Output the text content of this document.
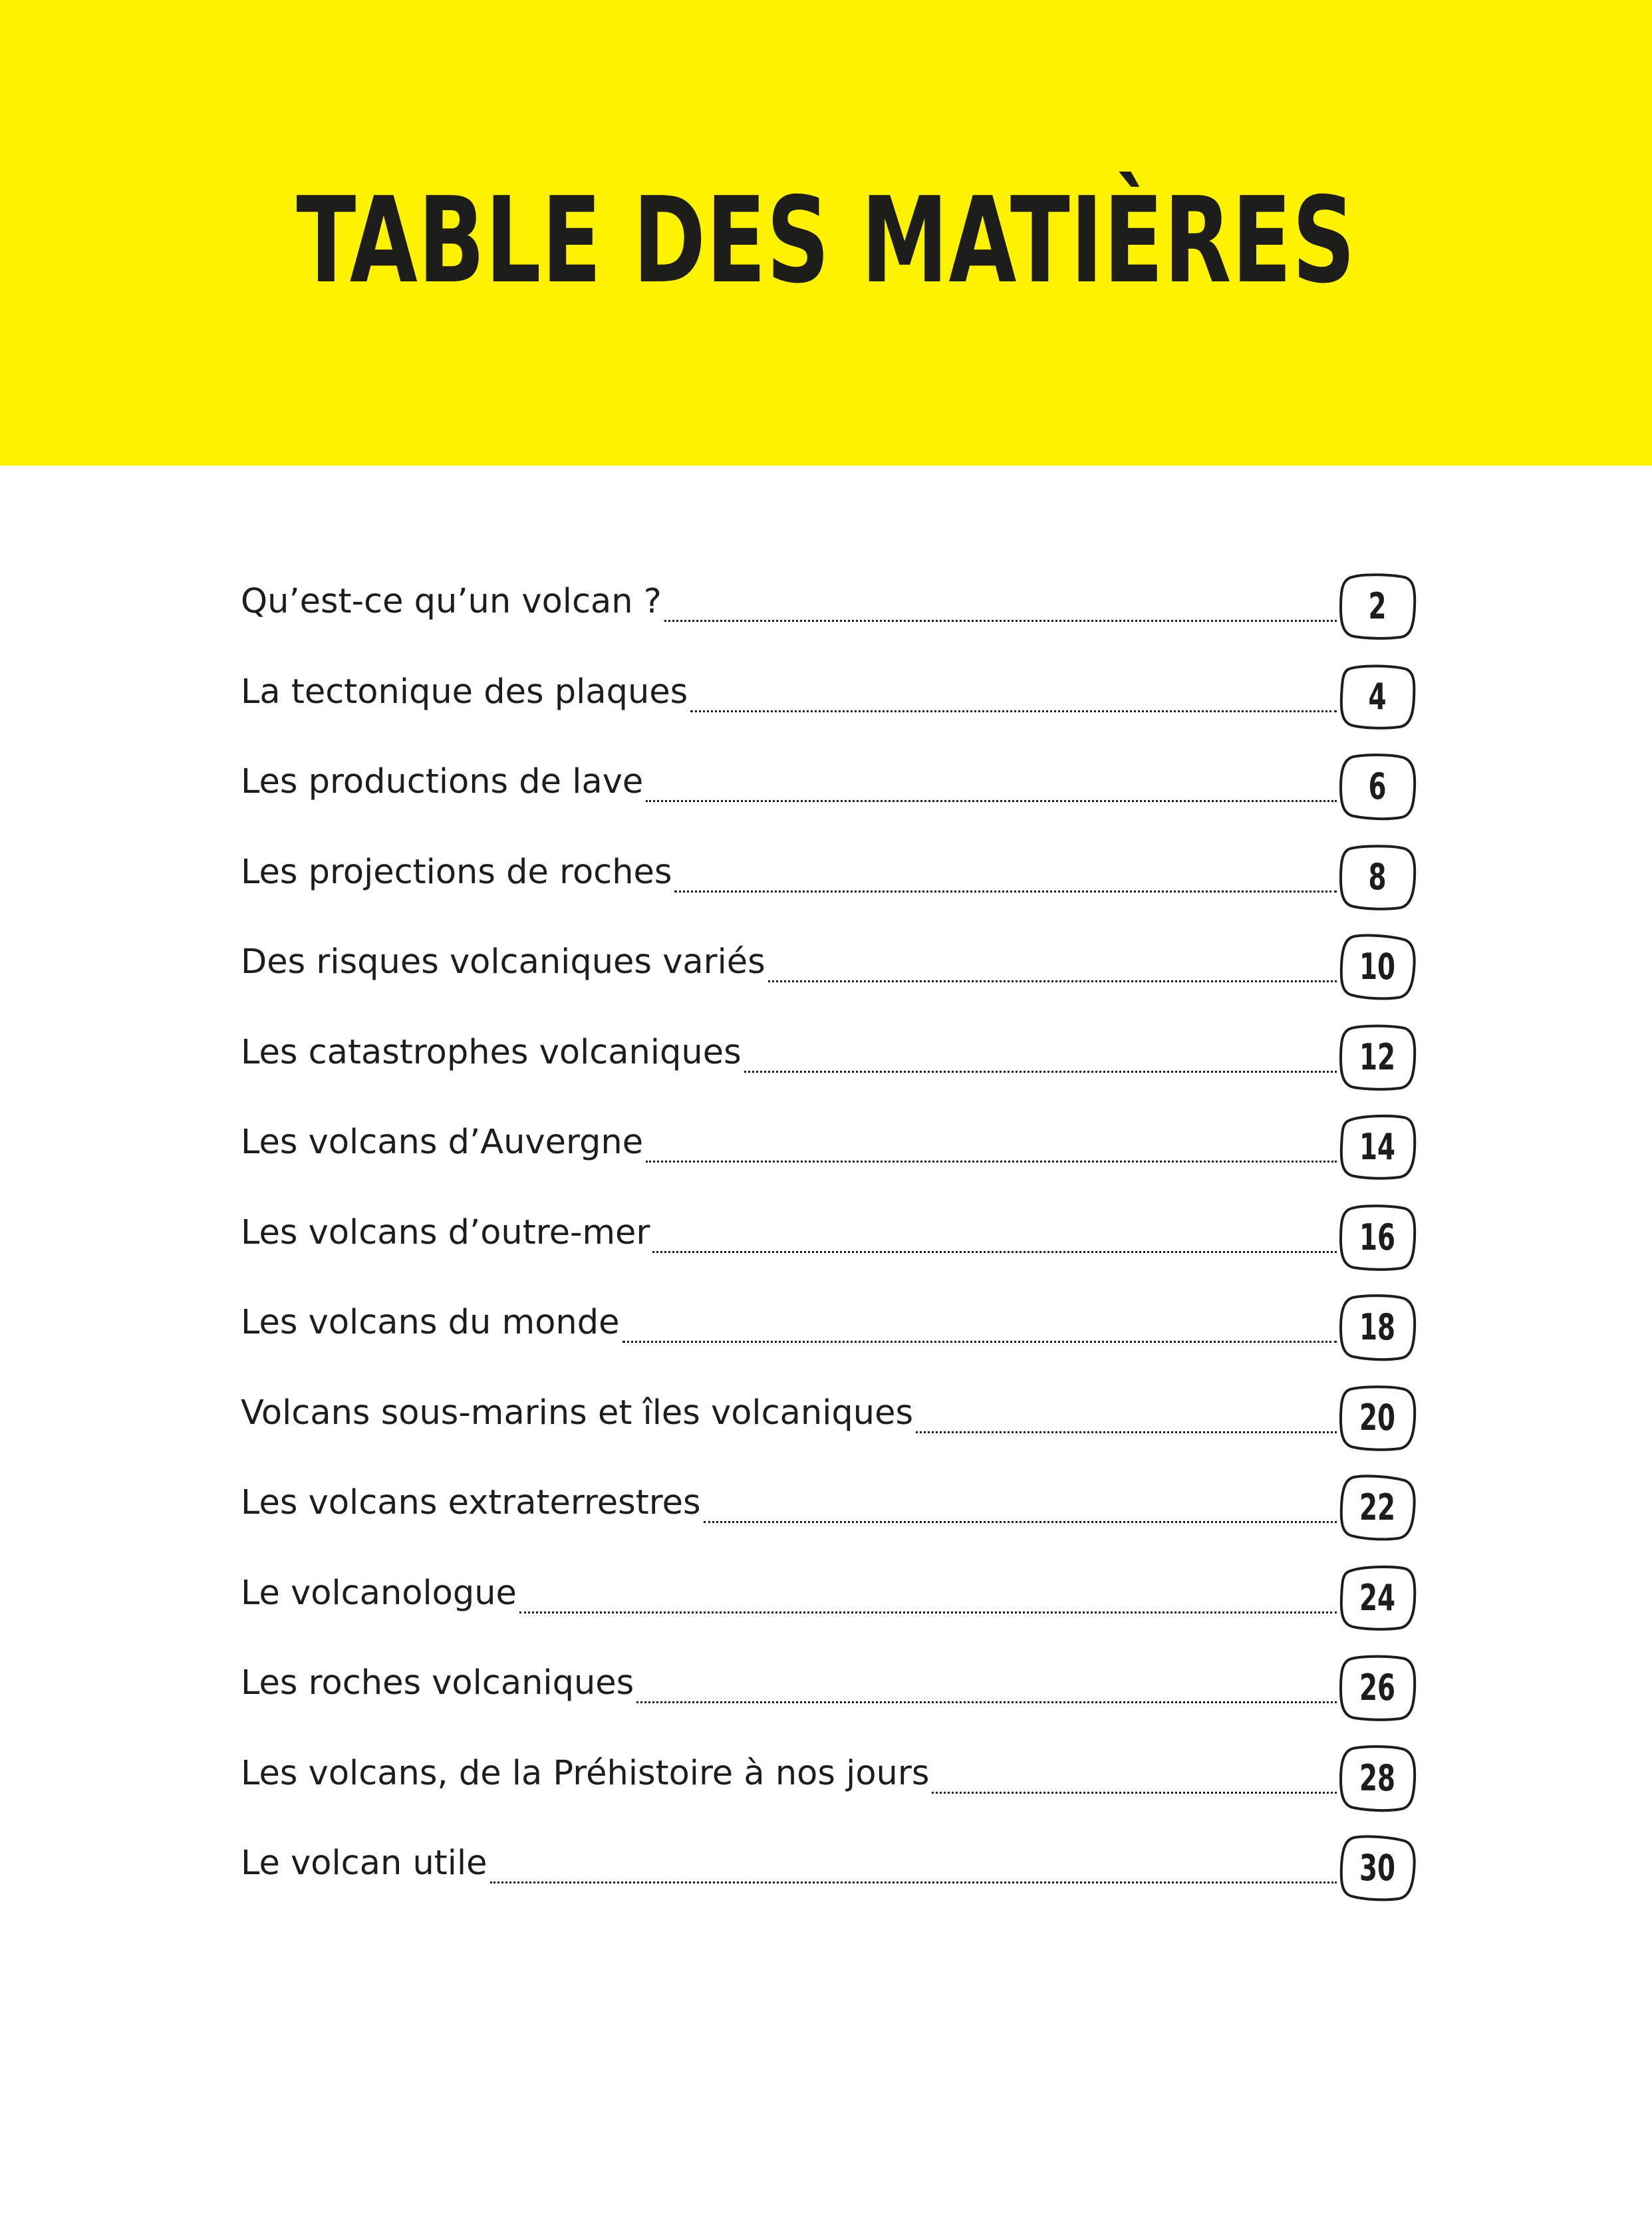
TABLE DES MATIÈRES
Qu’est-ce qu’un volcan ?	2
La tectonique des plaques	4
Les productions de lave	6
Les projections de roches	8
Des risques volcaniques variés	10
Les catastrophes volcaniques	12
Les volcans d’Auvergne	14
Les volcans d’outre-mer	16
Les volcans du monde	18
Volcans sous-marins et îles volcaniques	20
Les volcans extraterrestres	22
Le volcanologue	24
Les roches volcaniques	26
Les volcans, de la Préhistoire à nos jours	28
Le volcan utile	30
